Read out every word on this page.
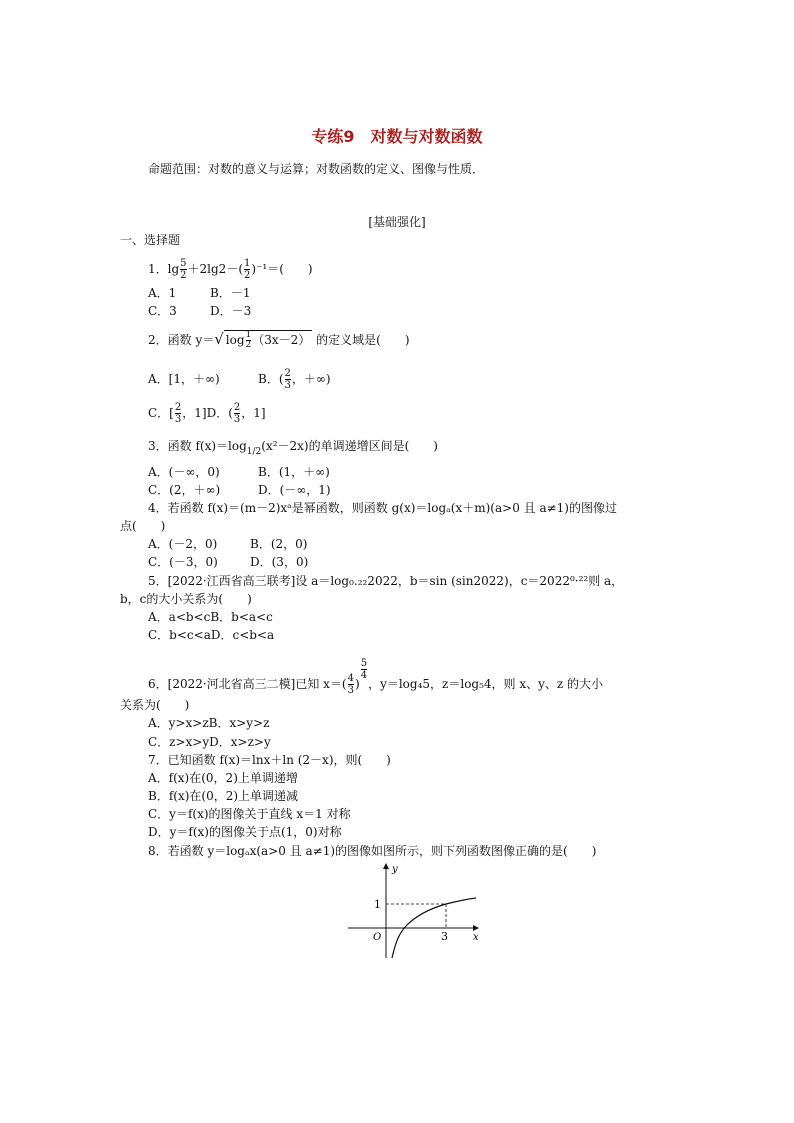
专练9　对数与对数函数
命题范围：对数的意义与运算；对数函数的定义、图像与性质．
[基础强化]
一、选择题
1．$\lg \frac{5}{2} +2\lg 2-( \frac{1}{2} )^{-1}=$(　　)
A．1	B．－1
C．3	D．－3
2．函数 y＝√ $\log \frac{1}{2} (3x-2)$ 的定义域是(　　)
A．[1，＋∞)	B．( $\frac{2}{3}$ ，＋∞)
C．[ $\frac{2}{3}$ ，1]D．( $\frac{2}{3}$ ，1]
3．函数 $f(x)=\log_{1/2}(x^2-2x)$的单调递增区间是(　　)
A．(－∞，0)	B．(1，＋∞)
C．(2，＋∞)	D．(－∞，1)
4．若函数 f(x)＝(m－2)xᵃ是幂函数，则函数 g(x)＝logₐ(x＋m)(a>0 且 a≠1)的图像过
点(　　)
A．(－2，0)	B．(2，0)
C．(－3，0)	D．(3，0)
5．[2022·江西省高三联考]设 a＝log₀.₂₂2022，b＝sin (sin2022)，c＝2022⁰·²²则 a，
b，c的大小关系为(　　)
A．a<b<cB．b<a<c
C．b<c<aD．c<b<a
6．[2022·河北省高三二模]已知 $x=( \frac{4}{3}$ )
$\frac{5}{4}$
，y＝log₄5，z＝log₅4，则 x、y、z 的大小
关系为(　　)
A．y>x>zB．x>y>z
C．z>x>yD．x>z>y
7．已知函数 f(x)＝lnx＋ln (2－x)，则(　　)
A．f(x)在(0，2)上单调递增
B．f(x)在(0，2)上单调递减
C．y＝f(x)的图像关于直线 x＝1 对称
D．y＝f(x)的图像关于点(1，0)对称
8．若函数 y＝logₐx(a>0 且 a≠1)的图像如图所示，则下列函数图像正确的是(　　)
y
x
O
1
3
